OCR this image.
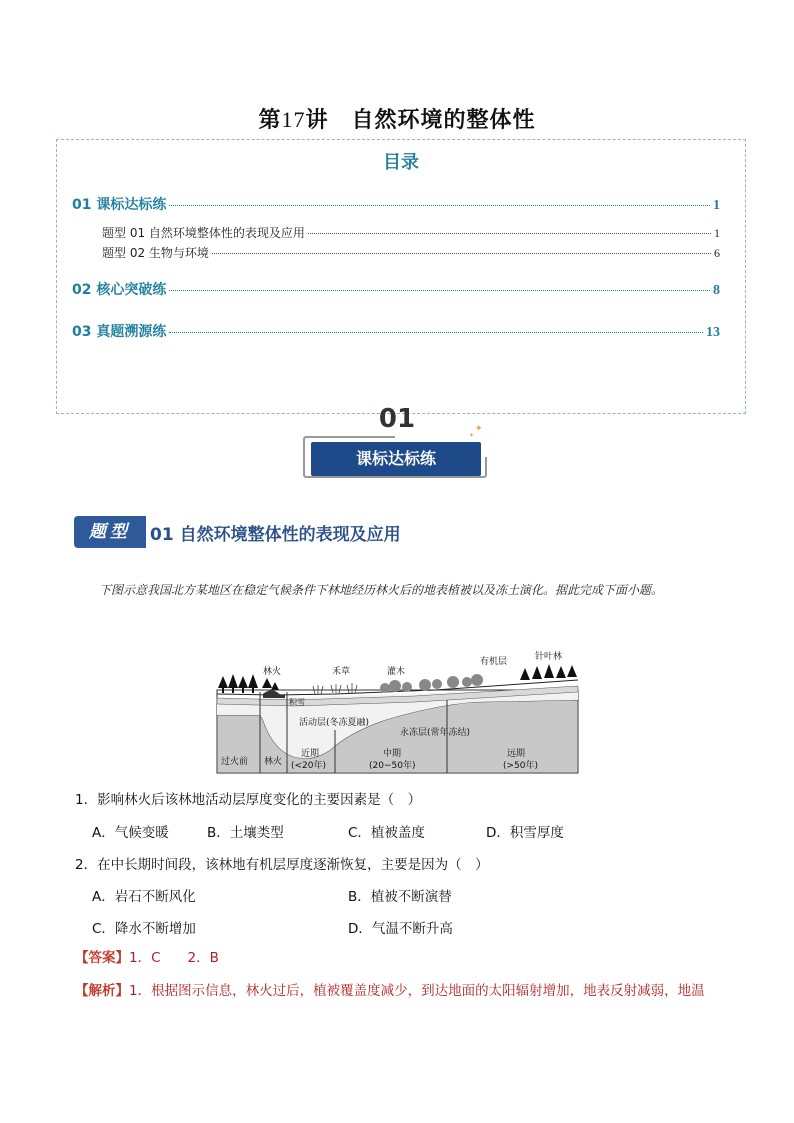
第17讲　自然环境的整体性
目录
01 课标达标练	1
题型 01 自然环境整体性的表现及应用	1
题型 02 生物与环境	6
02 核心突破练	8
03 真题溯源练	13
01
课标达标练
✦
✦
题型	01 自然环境整体性的表现及应用
下图示意我国北方某地区在稳定气候条件下林地经历林火后的地表植被以及冻土演化。据此完成下面小题。
林火	禾草	灌木
有机层	针叶林
积雪
活动层(冬冻夏融)
永冻层(常年冻结)
过火前 林火
近期
(<20年)
中期
(20−50年)
远期
(>50年)
1．影响林火后该林地活动层厚度变化的主要因素是（　）
A．气候变暖	B．土壤类型	C．植被盖度	D．积雪厚度
2．在中长期时间段，该林地有机层厚度逐渐恢复，主要是因为（　）
A．岩石不断风化	B．植被不断演替
C．降水不断增加	D．气温不断升高
【答案】1．C　　2．B
【解析】1．根据图示信息，林火过后，植被覆盖度减少，到达地面的太阳辐射增加，地表反射减弱，地温
